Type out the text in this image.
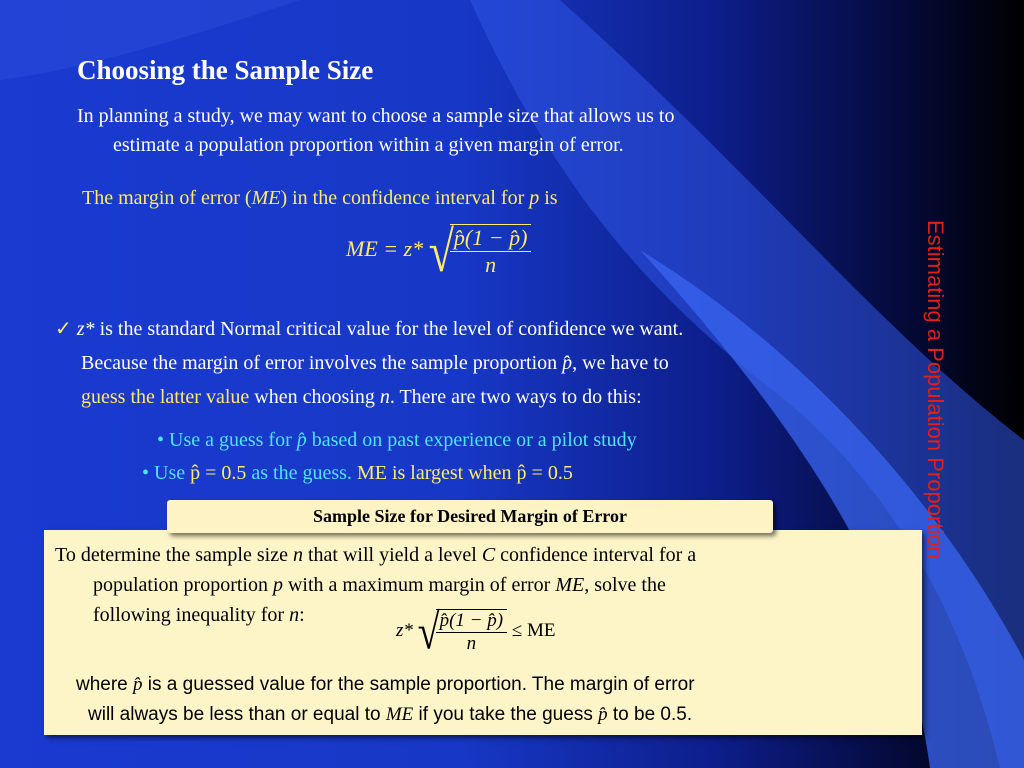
Choosing the Sample Size
In planning a study, we may want to choose a sample size that allows us to
estimate a population proportion within a given margin of error.
The margin of error (ME) in the confidence interval for p is
ME = z* √
$\frac{p̂(1 - p̂)}{n}$
✓ z* is the standard Normal critical value for the level of confidence we want.
Because the margin of error involves the sample proportion p̂, we have to
guess the latter value when choosing n. There are two ways to do this:
• Use a guess for p̂ based on past experience or a pilot study
• Use p̂ = 0.5 as the guess. ME is largest when p̂ = 0.5
To determine the sample size n that will yield a level C confidence interval for a
population proportion p with a maximum margin of error ME, solve the
following inequality for n:
z* √
$\frac{p̂(1 - p̂)}{n}$ ≤ ME
where p̂ is a guessed value for the sample proportion. The margin of error
will always be less than or equal to ME if you take the guess p̂ to be 0.5.
Sample Size for Desired Margin of Error	Estimating a Population Proportion
